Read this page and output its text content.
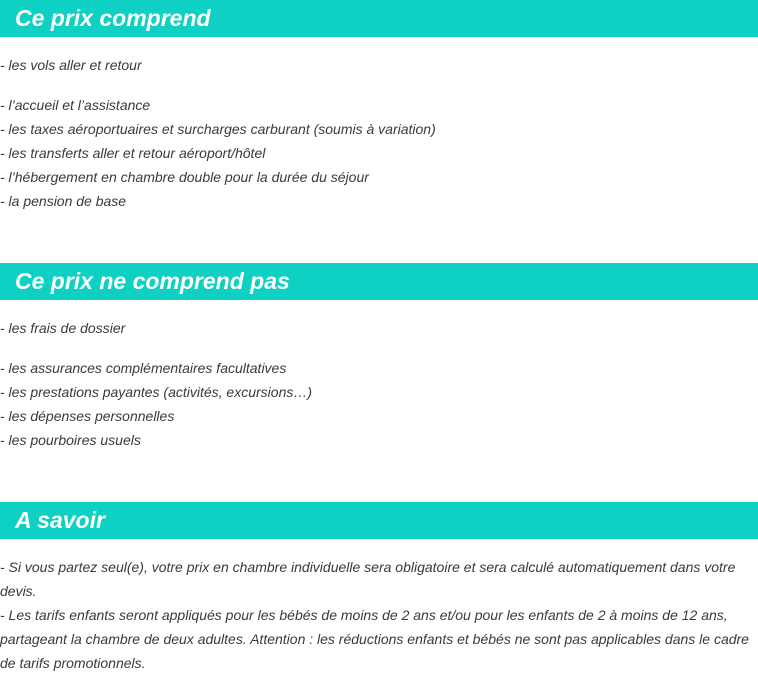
Ce prix comprend
- les vols aller et retour
- l’accueil et l’assistance
- les taxes aéroportuaires et surcharges carburant (soumis à variation)
- les transferts aller et retour aéroport/hôtel
- l’hébergement en chambre double pour la durée du séjour
- la pension de base
Ce prix ne comprend pas
- les frais de dossier
- les assurances complémentaires facultatives
- les prestations payantes (activités, excursions…)
- les dépenses personnelles
- les pourboires usuels
A savoir
- Si vous partez seul(e), votre prix en chambre individuelle sera obligatoire et sera calculé automatiquement dans votre devis.
- Les tarifs enfants seront appliqués pour les bébés de moins de 2 ans et/ou pour les enfants de 2 à moins de 12 ans, partageant la chambre de deux adultes. Attention : les réductions enfants et bébés ne sont pas applicables dans le cadre de tarifs promotionnels.
